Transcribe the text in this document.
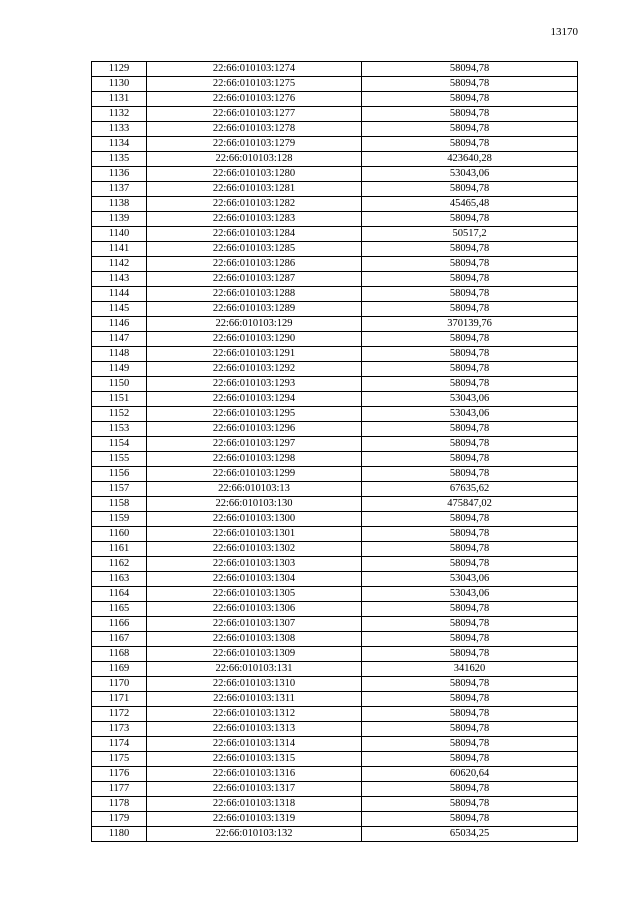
13170
1129	22:66:010103:1274	58094,78
1130	22:66:010103:1275	58094,78
1131	22:66:010103:1276	58094,78
1132	22:66:010103:1277	58094,78
1133	22:66:010103:1278	58094,78
1134	22:66:010103:1279	58094,78
1135	22:66:010103:128	423640,28
1136	22:66:010103:1280	53043,06
1137	22:66:010103:1281	58094,78
1138	22:66:010103:1282	45465,48
1139	22:66:010103:1283	58094,78
1140	22:66:010103:1284	50517,2
1141	22:66:010103:1285	58094,78
1142	22:66:010103:1286	58094,78
1143	22:66:010103:1287	58094,78
1144	22:66:010103:1288	58094,78
1145	22:66:010103:1289	58094,78
1146	22:66:010103:129	370139,76
1147	22:66:010103:1290	58094,78
1148	22:66:010103:1291	58094,78
1149	22:66:010103:1292	58094,78
1150	22:66:010103:1293	58094,78
1151	22:66:010103:1294	53043,06
1152	22:66:010103:1295	53043,06
1153	22:66:010103:1296	58094,78
1154	22:66:010103:1297	58094,78
1155	22:66:010103:1298	58094,78
1156	22:66:010103:1299	58094,78
1157	22:66:010103:13	67635,62
1158	22:66:010103:130	475847,02
1159	22:66:010103:1300	58094,78
1160	22:66:010103:1301	58094,78
1161	22:66:010103:1302	58094,78
1162	22:66:010103:1303	58094,78
1163	22:66:010103:1304	53043,06
1164	22:66:010103:1305	53043,06
1165	22:66:010103:1306	58094,78
1166	22:66:010103:1307	58094,78
1167	22:66:010103:1308	58094,78
1168	22:66:010103:1309	58094,78
1169	22:66:010103:131	341620
1170	22:66:010103:1310	58094,78
1171	22:66:010103:1311	58094,78
1172	22:66:010103:1312	58094,78
1173	22:66:010103:1313	58094,78
1174	22:66:010103:1314	58094,78
1175	22:66:010103:1315	58094,78
1176	22:66:010103:1316	60620,64
1177	22:66:010103:1317	58094,78
1178	22:66:010103:1318	58094,78
1179	22:66:010103:1319	58094,78
1180	22:66:010103:132	65034,25
